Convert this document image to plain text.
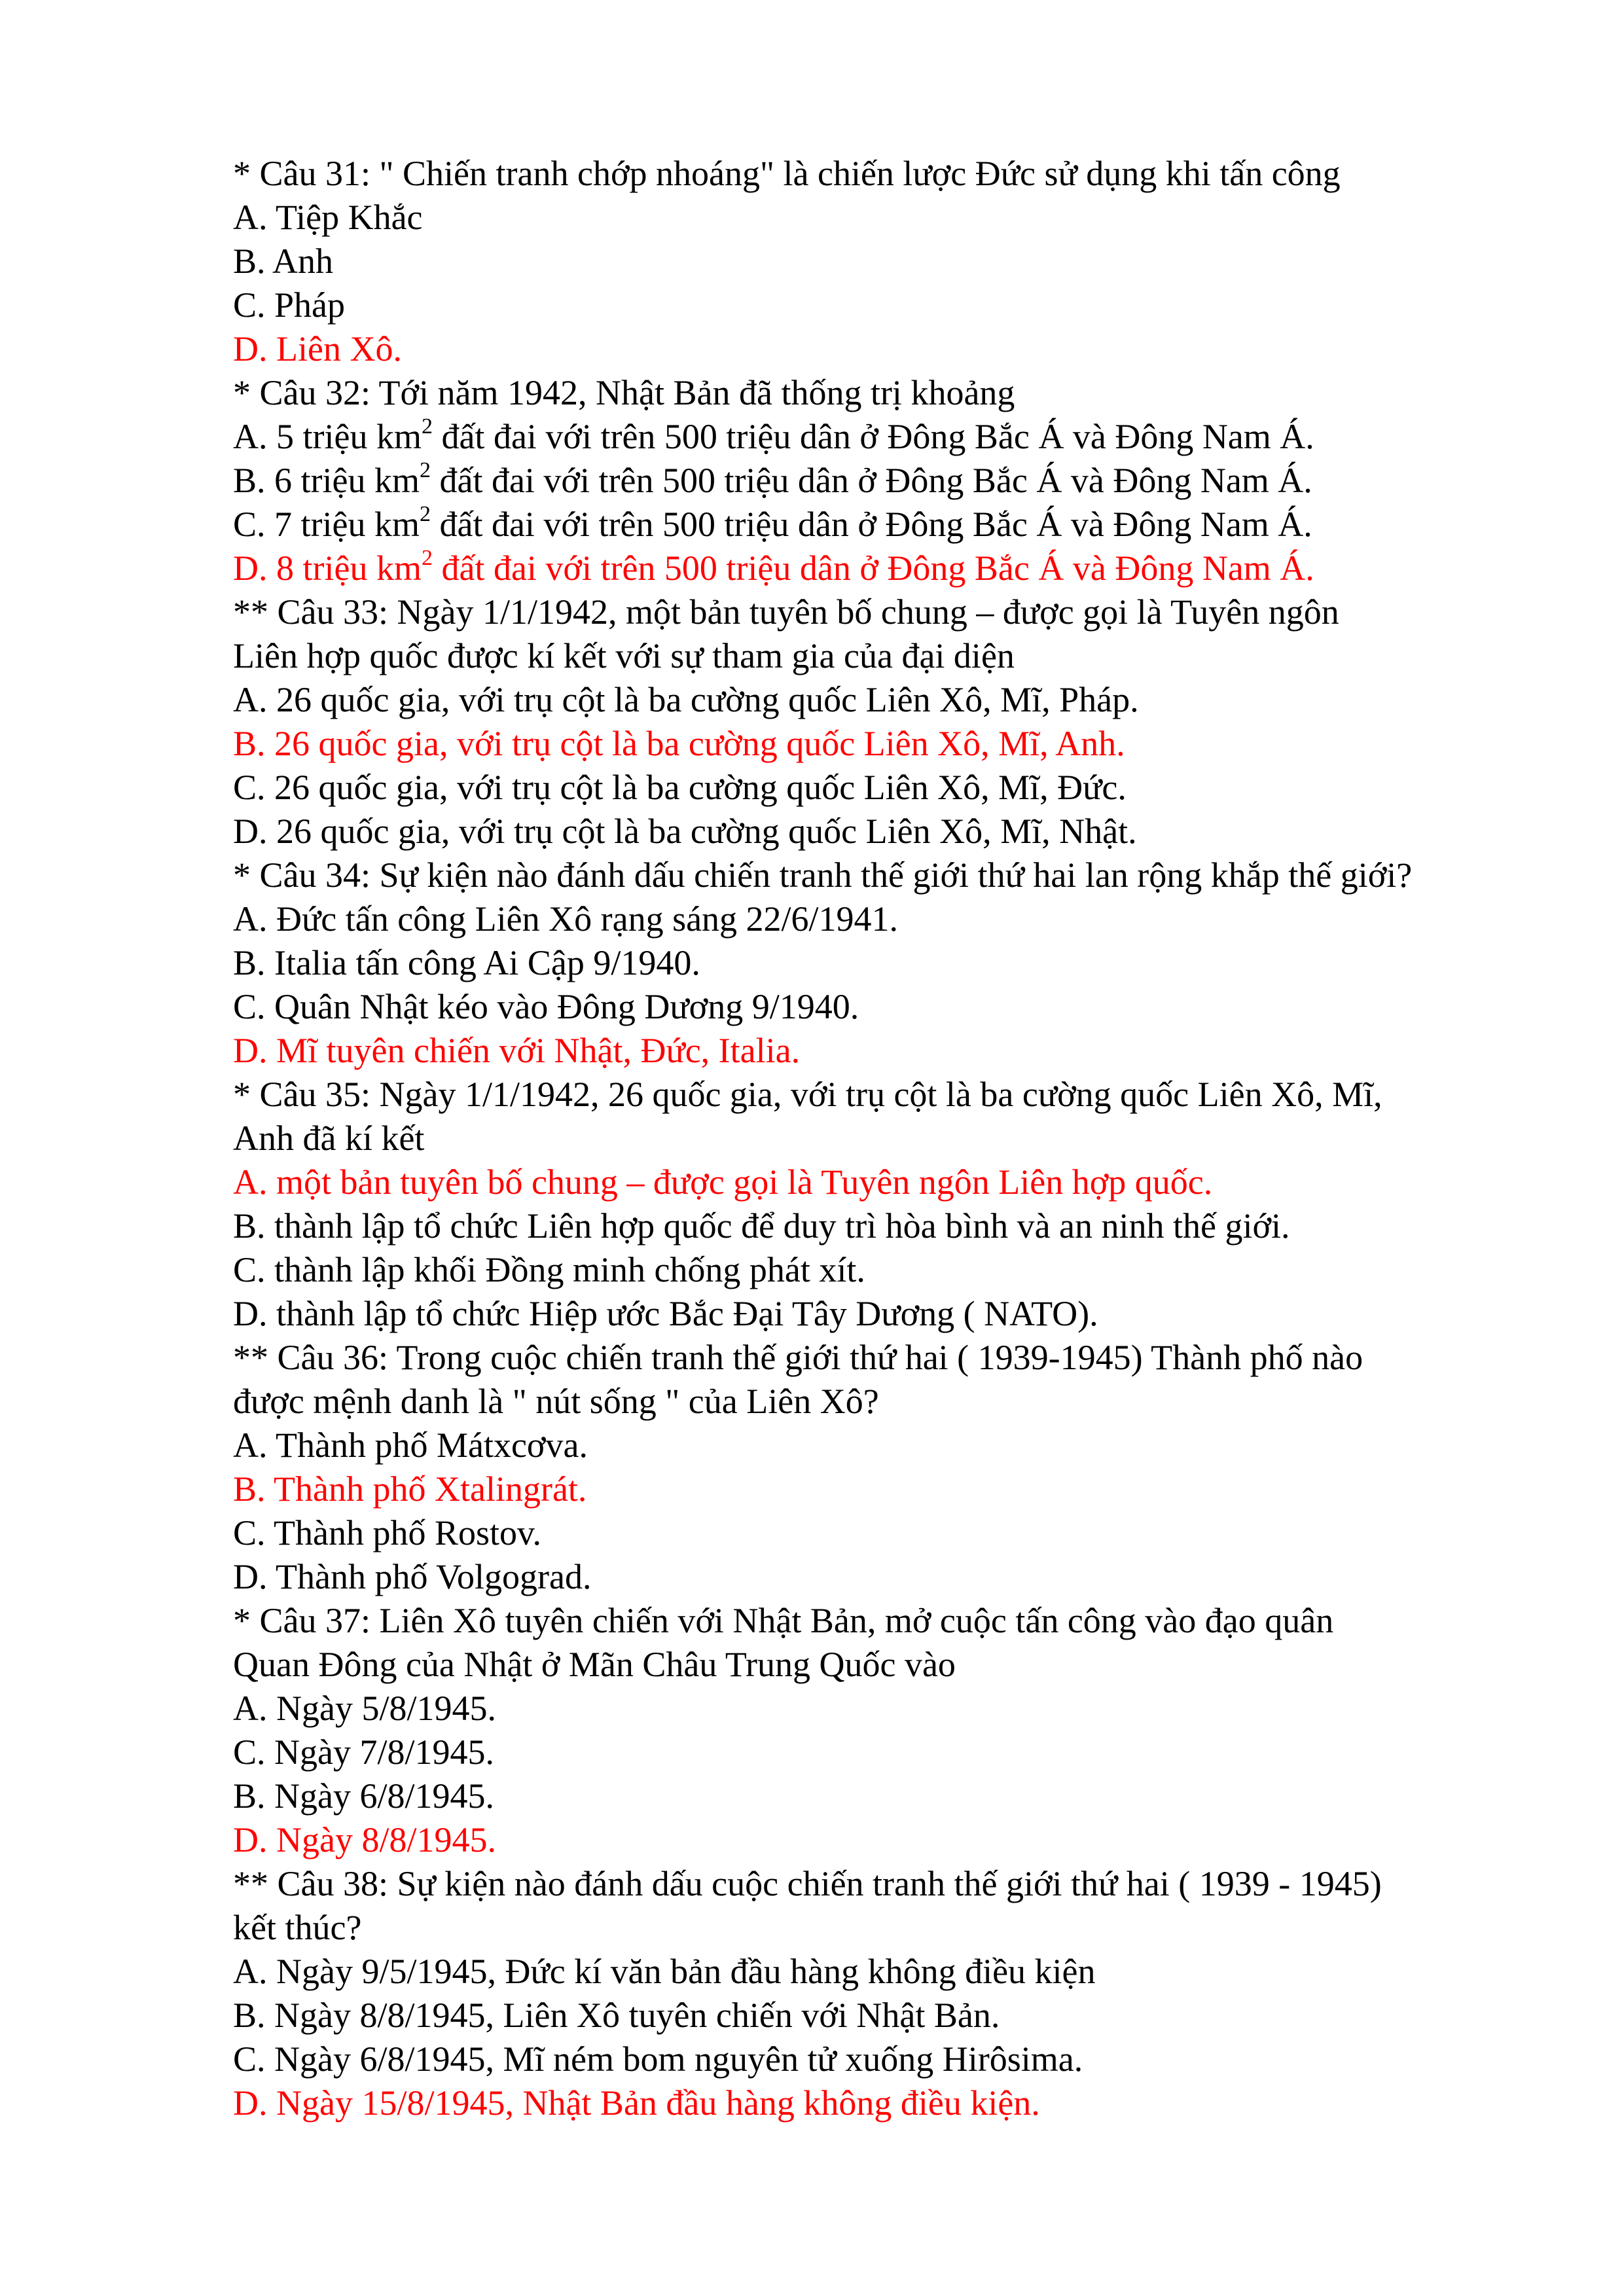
* Câu 31: " Chiến tranh chớp nhoáng" là chiến lược Đức sử dụng khi tấn công

A. Tiệp Khắc

B. Anh

C. Pháp

D. Liên Xô.

* Câu 32: Tới năm 1942, Nhật Bản đã thống trị khoảng

A. 5 triệu $km^2$ đất đai với trên 500 triệu dân ở Đông Bắc Á và Đông Nam Á.

B. 6 triệu $km^2$ đất đai với trên 500 triệu dân ở Đông Bắc Á và Đông Nam Á.

C. 7 triệu $km^2$ đất đai với trên 500 triệu dân ở Đông Bắc Á và Đông Nam Á.

D. 8 triệu $km^2$ đất đai với trên 500 triệu dân ở Đông Bắc Á và Đông Nam Á.

** Câu 33: Ngày 1/1/1942, một bản tuyên bố chung – được gọi là Tuyên ngôn

Liên hợp quốc được kí kết với sự tham gia của đại diện

A. 26 quốc gia, với trụ cột là ba cường quốc Liên Xô, Mĩ, Pháp.

B. 26 quốc gia, với trụ cột là ba cường quốc Liên Xô, Mĩ, Anh.

C. 26 quốc gia, với trụ cột là ba cường quốc Liên Xô, Mĩ, Đức.

D. 26 quốc gia, với trụ cột là ba cường quốc Liên Xô, Mĩ, Nhật.

* Câu 34: Sự kiện nào đánh dấu chiến tranh thế giới thứ hai lan rộng khắp thế giới?

A. Đức tấn công Liên Xô rạng sáng 22/6/1941.

B. Italia tấn công Ai Cập 9/1940.

C. Quân Nhật kéo vào Đông Dương 9/1940.

D. Mĩ tuyên chiến với Nhật, Đức, Italia.

* Câu 35: Ngày 1/1/1942, 26 quốc gia, với trụ cột là ba cường quốc Liên Xô, Mĩ,

Anh đã kí kết

A. một bản tuyên bố chung – được gọi là Tuyên ngôn Liên hợp quốc.

B. thành lập tổ chức Liên hợp quốc để duy trì hòa bình và an ninh thế giới.

C. thành lập khối Đồng minh chống phát xít.

D. thành lập tổ chức Hiệp ước Bắc Đại Tây Dương ( NATO).

** Câu 36: Trong cuộc chiến tranh thế giới thứ hai ( 1939-1945) Thành phố nào

được mệnh danh là " nút sống " của Liên Xô?

A. Thành phố Mátxcơva.

B. Thành phố Xtalingrát.

C. Thành phố Rostov.

D. Thành phố Volgograd.

* Câu 37: Liên Xô tuyên chiến với Nhật Bản, mở cuộc tấn công vào đạo quân

Quan Đông của Nhật ở Mãn Châu Trung Quốc vào

A. Ngày 5/8/1945.

C. Ngày 7/8/1945.

B. Ngày 6/8/1945.

D. Ngày 8/8/1945.

** Câu 38: Sự kiện nào đánh dấu cuộc chiến tranh thế giới thứ hai ( 1939 - 1945)

kết thúc?

A. Ngày 9/5/1945, Đức kí văn bản đầu hàng không điều kiện

B. Ngày 8/8/1945, Liên Xô tuyên chiến với Nhật Bản.

C. Ngày 6/8/1945, Mĩ ném bom nguyên tử xuống Hirôsima.

D. Ngày 15/8/1945, Nhật Bản đầu hàng không điều kiện.
